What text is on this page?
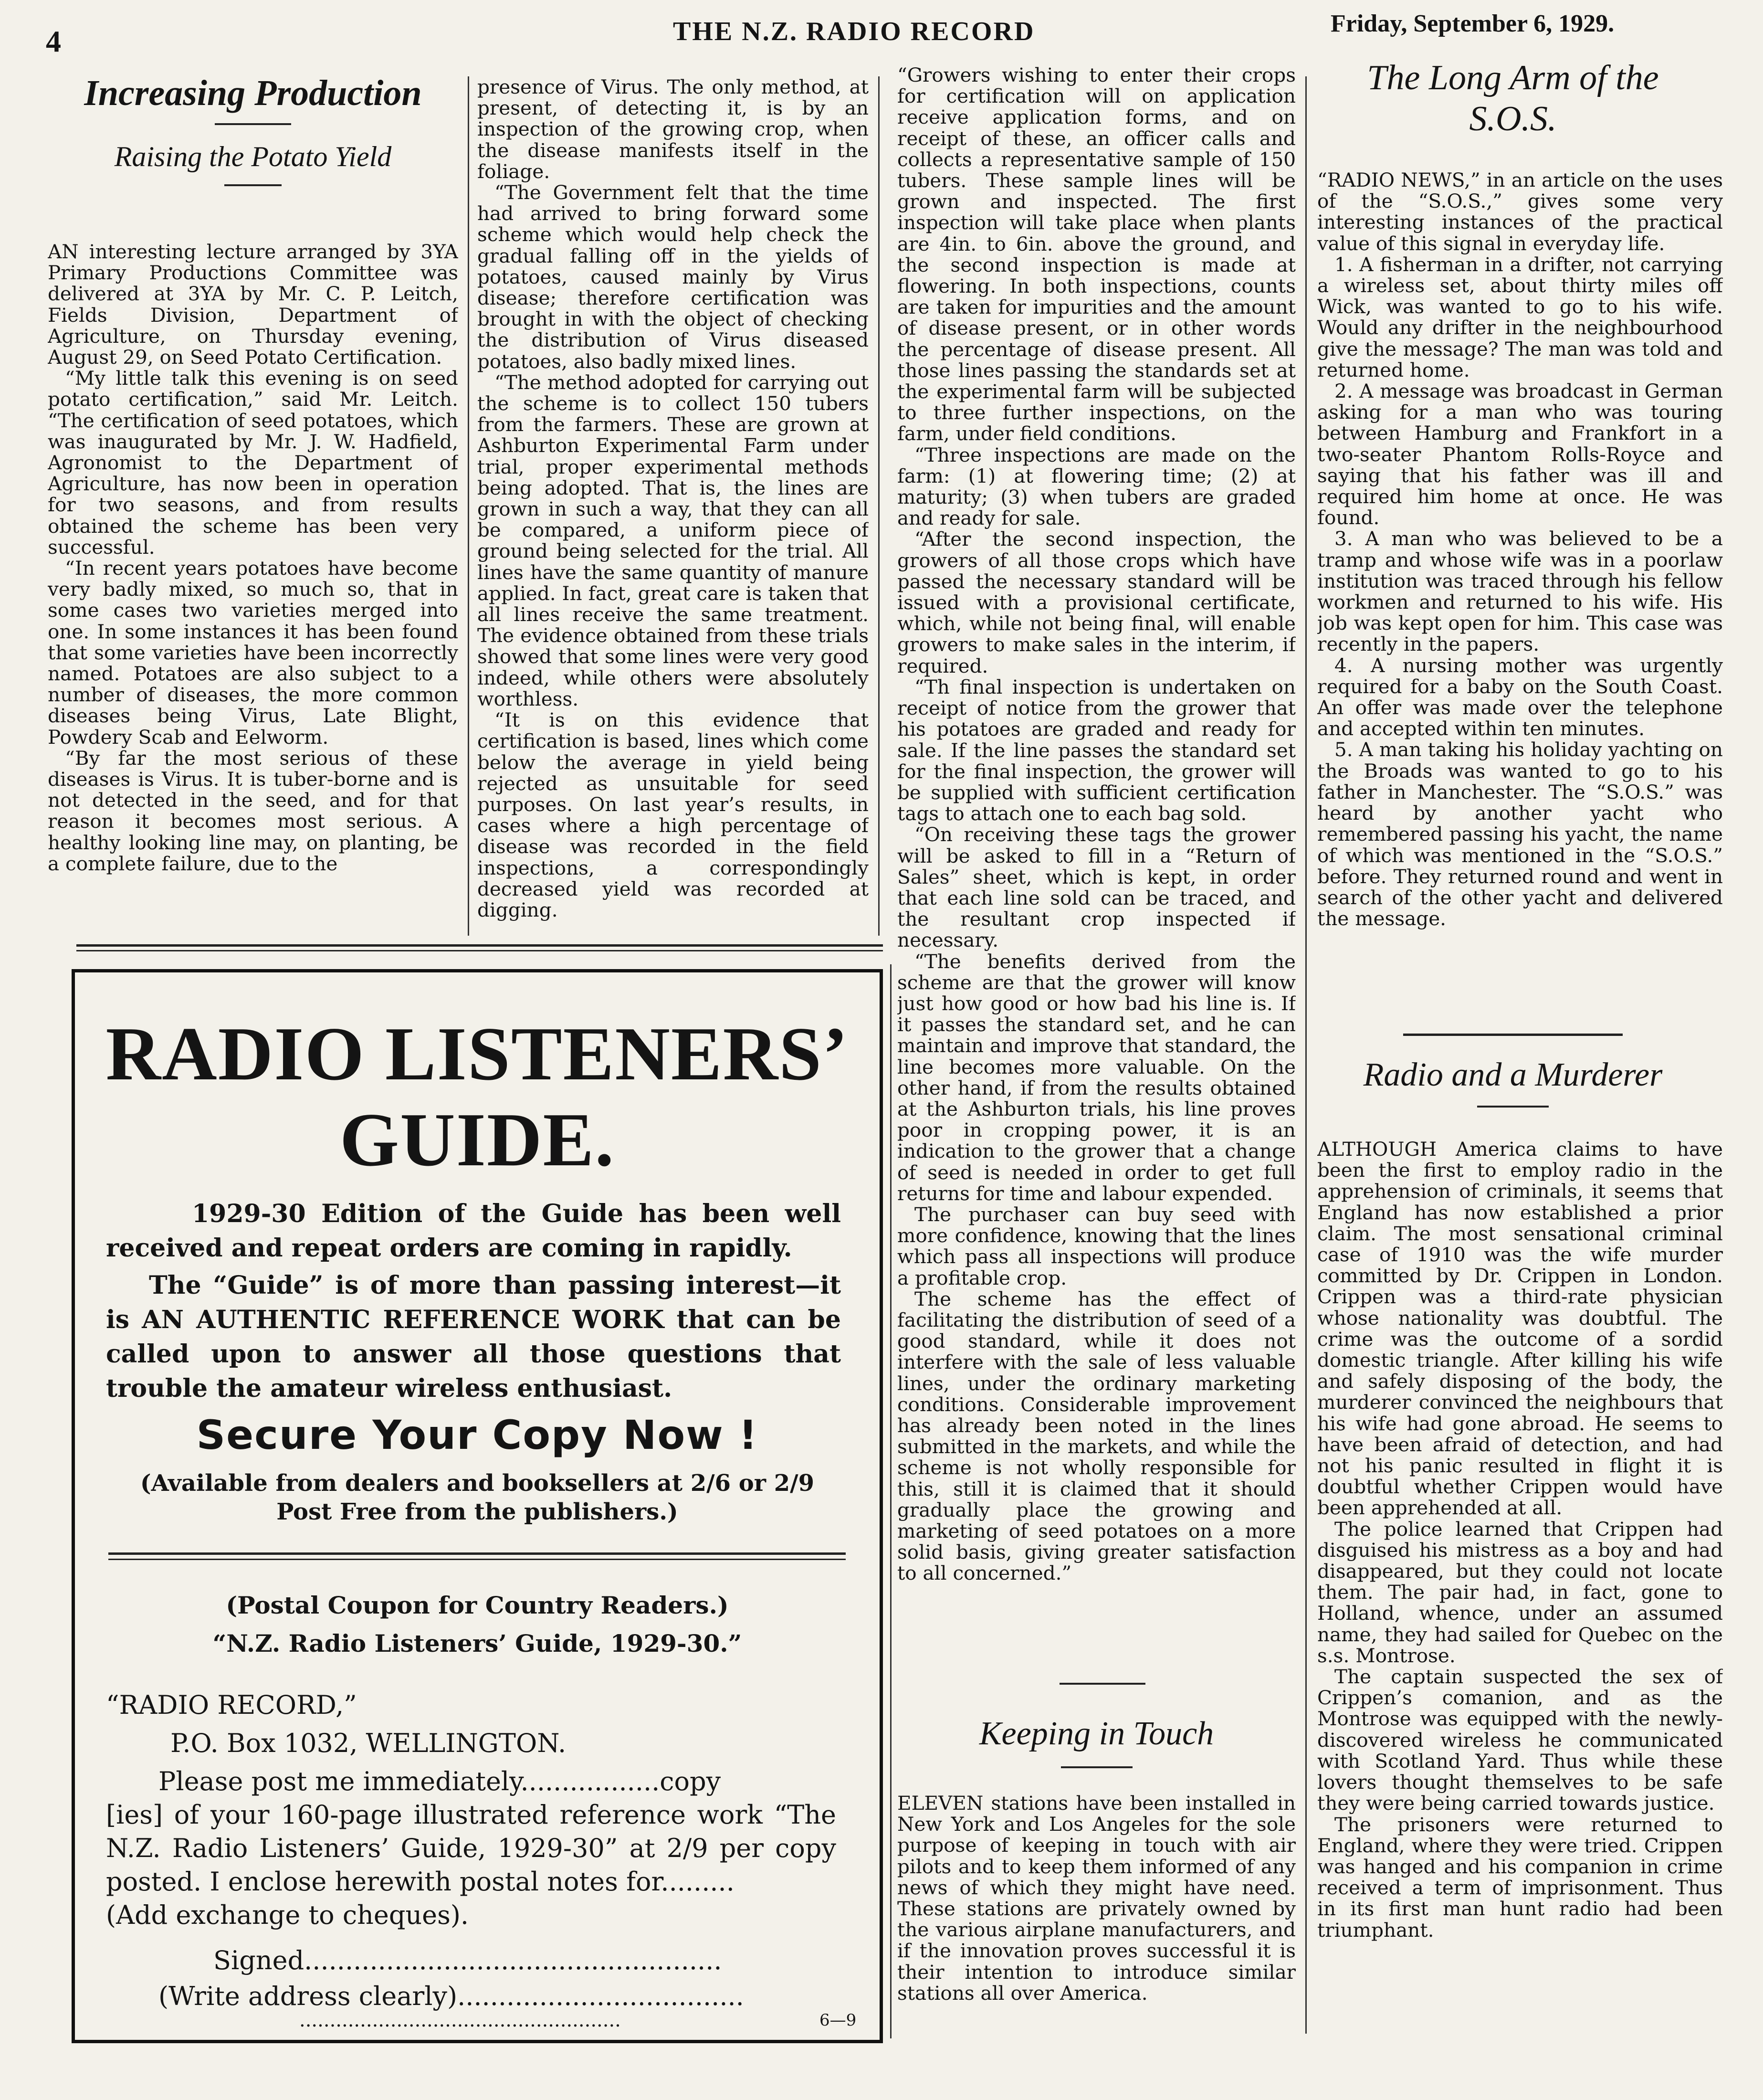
4	THE N.Z. RADIO RECORD	Friday, September 6, 1929.
Increasing Production
Raising the Potato Yield

AN interesting lecture arranged by 3YA Primary Productions Committee was delivered at 3YA by Mr. C. P. Leitch, Fields Division, Department of Agriculture, on Thursday evening, August 29, on Seed Potato Certification.

“My little talk this evening is on seed potato certification,” said Mr. Leitch. “The certification of seed potatoes, which was inaugurated by Mr. J. W. Hadfield, Agronomist to the Department of Agriculture, has now been in operation for two seasons, and from results obtained the scheme has been very successful.

“In recent years potatoes have become very badly mixed, so much so, that in some cases two varieties merged into one. In some instances it has been found that some varieties have been incorrectly named. Potatoes are also subject to a number of diseases, the more common diseases being Virus, Late Blight, Powdery Scab and Eelworm.

“By far the most serious of these diseases is Virus. It is tuber-borne and is not detected in the seed, and for that reason it becomes most serious. A healthy looking line may, on planting, be a complete failure, due to the

presence of Virus. The only method, at present, of detecting it, is by an inspection of the growing crop, when the disease manifests itself in the foliage.

“The Government felt that the time had arrived to bring forward some scheme which would help check the gradual falling off in the yields of potatoes, caused mainly by Virus disease; therefore certification was brought in with the object of checking the distribution of Virus diseased potatoes, also badly mixed lines.

“The method adopted for carrying out the scheme is to collect 150 tubers from the farmers. These are grown at Ashburton Experimental Farm under trial, proper experimental methods being adopted. That is, the lines are grown in such a way, that they can all be compared, a uniform piece of ground being selected for the trial. All lines have the same quantity of manure applied. In fact, great care is taken that all lines receive the same treatment. The evidence obtained from these trials showed that some lines were very good indeed, while others were absolutely worthless.

“It is on this evidence that certification is based, lines which come below the average in yield being rejected as unsuitable for seed purposes. On last year’s results, in cases where a high percentage of disease was recorded in the field inspections, a correspondingly decreased yield was recorded at digging.

“Growers wishing to enter their crops for certification will on application receive application forms, and on receipt of these, an officer calls and collects a representative sample of 150 tubers. These sample lines will be grown and inspected. The first inspection will take place when plants are 4in. to 6in. above the ground, and the second inspection is made at flowering. In both inspections, counts are taken for impurities and the amount of disease present, or in other words the percentage of disease present. All those lines passing the standards set at the experimental farm will be subjected to three further inspections, on the farm, under field conditions.

“Three inspections are made on the farm: (1) at flowering time; (2) at maturity; (3) when tubers are graded and ready for sale.

“After the second inspection, the growers of all those crops which have passed the necessary standard will be issued with a provisional certificate, which, while not being final, will enable growers to make sales in the interim, if required.

“Th final inspection is undertaken on receipt of notice from the grower that his potatoes are graded and ready for sale. If the line passes the standard set for the final inspection, the grower will be supplied with sufficient certification tags to attach one to each bag sold.

“On receiving these tags the grower will be asked to fill in a “Return of Sales” sheet, which is kept, in order that each line sold can be traced, and the resultant crop inspected if necessary.

“The benefits derived from the scheme are that the grower will know just how good or how bad his line is. If it passes the standard set, and he can maintain and improve that standard, the line becomes more valuable. On the other hand, if from the results obtained at the Ashburton trials, his line proves poor in cropping power, it is an indication to the grower that a change of seed is needed in order to get full returns for time and labour expended.

The purchaser can buy seed with more confidence, knowing that the lines which pass all inspections will produce a profitable crop.

The scheme has the effect of facilitating the distribution of seed of a good standard, while it does not interfere with the sale of less valuable lines, under the ordinary marketing conditions. Considerable improvement has already been noted in the lines submitted in the markets, and while the scheme is not wholly responsible for this, still it is claimed that it should gradually place the growing and marketing of seed potatoes on a more solid basis, giving greater satisfaction to all concerned.”

RADIO LISTENERS’
GUIDE.
1929-30 Edition of the Guide has been well received and repeat orders are coming in rapidly.
The “Guide” is of more than passing interest—it is AN AUTHENTIC REFERENCE WORK that can be called upon to answer all those questions that trouble the amateur wireless enthusiast.
Secure Your Copy Now !
(Available from dealers and booksellers at 2/6 or 2/9
Post Free from the publishers.)
(Postal Coupon for Country Readers.)
“N.Z. Radio Listeners’ Guide, 1929-30.”
“RADIO RECORD,”
P.O. Box 1032, WELLINGTON.
Please post me immediately.................copy
[ies] of your 160-page illustrated reference work “The N.Z. Radio Listeners’ Guide, 1929-30” at 2/9 per copy posted. I enclose herewith postal notes for.........
(Add exchange to cheques).
Signed...................................................
(Write address clearly)...................................
.....................................................	6—9
The Long Arm of the
S.O.S.

“RADIO NEWS,” in an article on the uses of the “S.O.S.,” gives some very interesting instances of the practical value of this signal in everyday life.

1. A fisherman in a drifter, not carrying a wireless set, about thirty miles off Wick, was wanted to go to his wife. Would any drifter in the neighbourhood give the message? The man was told and returned home.

2. A message was broadcast in German asking for a man who was touring between Hamburg and Frankfort in a two-seater Phantom Rolls-Royce and saying that his father was ill and required him home at once. He was found.

3. A man who was believed to be a tramp and whose wife was in a poorlaw institution was traced through his fellow workmen and returned to his wife. His job was kept open for him. This case was recently in the papers.

4. A nursing mother was urgently required for a baby on the South Coast. An offer was made over the telephone and accepted within ten minutes.

5. A man taking his holiday yachting on the Broads was wanted to go to his father in Manchester. The “S.O.S.” was heard by another yacht who remembered passing his yacht, the name of which was mentioned in the “S.O.S.” before. They returned round and went in search of the other yacht and delivered the message.

Radio and a Murderer

ALTHOUGH America claims to have been the first to employ radio in the apprehension of criminals, it seems that England has now established a prior claim. The most sensational criminal case of 1910 was the wife murder committed by Dr. Crippen in London. Crippen was a third-rate physician whose nationality was doubtful. The crime was the outcome of a sordid domestic triangle. After killing his wife and safely disposing of the body, the murderer convinced the neighbours that his wife had gone abroad. He seems to have been afraid of detection, and had not his panic resulted in flight it is doubtful whether Crippen would have been apprehended at all.

The police learned that Crippen had disguised his mistress as a boy and had disappeared, but they could not locate them. The pair had, in fact, gone to Holland, whence, under an assumed name, they had sailed for Quebec on the s.s. Montrose.

The captain suspected the sex of Crippen’s comanion, and as the Montrose was equipped with the newly-discovered wireless he communicated with Scotland Yard. Thus while these lovers thought themselves to be safe they were being carried towards justice.

The prisoners were returned to England, where they were tried. Crippen was hanged and his companion in crime received a term of imprisonment. Thus in its first man hunt radio had been triumphant.

Keeping in Touch

ELEVEN stations have been installed in New York and Los Angeles for the sole purpose of keeping in touch with air pilots and to keep them informed of any news of which they might have need. These stations are privately owned by the various airplane manufacturers, and if the innovation proves successful it is their intention to introduce similar stations all over America.
